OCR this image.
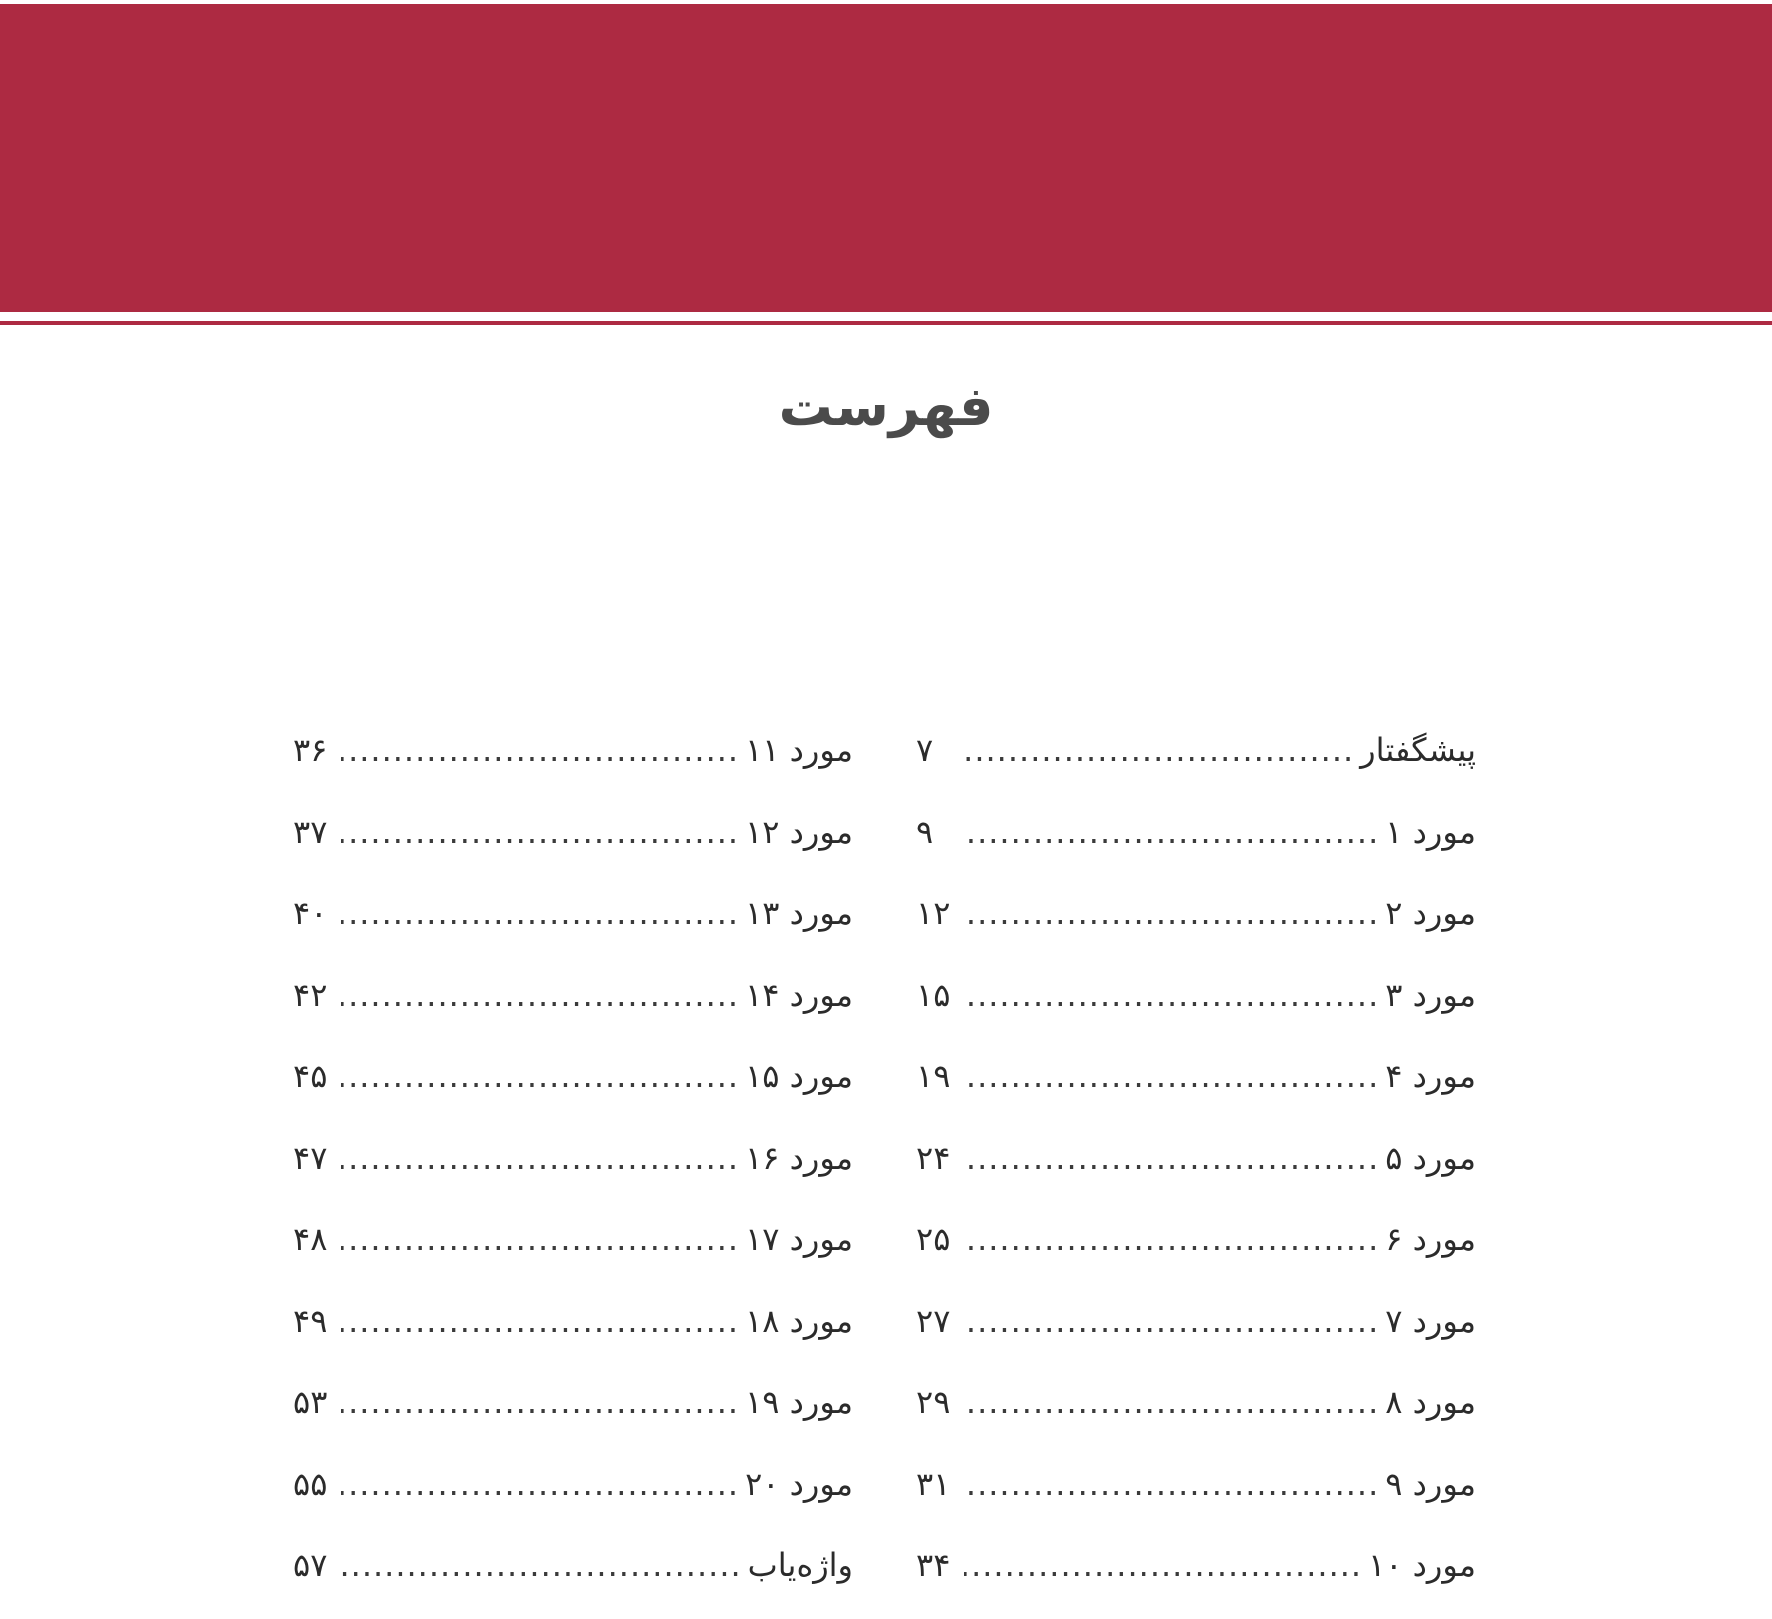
فهرست
پیشگفتار
.....
۷
مورد ۱
.....
۹
مورد ۲
.....
۱۲
مورد ۳
.....
۱۵
مورد ۴
.....
۱۹
مورد ۵
.....
۲۴
مورد ۶
.....
۲۵
مورد ۷
.....
۲۷
مورد ۸
.....
۲۹
مورد ۹
.....
۳۱
مورد ۱۰
.....
۳۴
مورد ۱۱
.....
۳۶
مورد ۱۲
.....
۳۷
مورد ۱۳
.....
۴۰
مورد ۱۴
.....
۴۲
مورد ۱۵
.....
۴۵
مورد ۱۶
.....
۴۷
مورد ۱۷
.....
۴۸
مورد ۱۸
.....
۴۹
مورد ۱۹
.....
۵۳
مورد ۲۰
.....
۵۵
واژه‌یاب
.....
۵۷
